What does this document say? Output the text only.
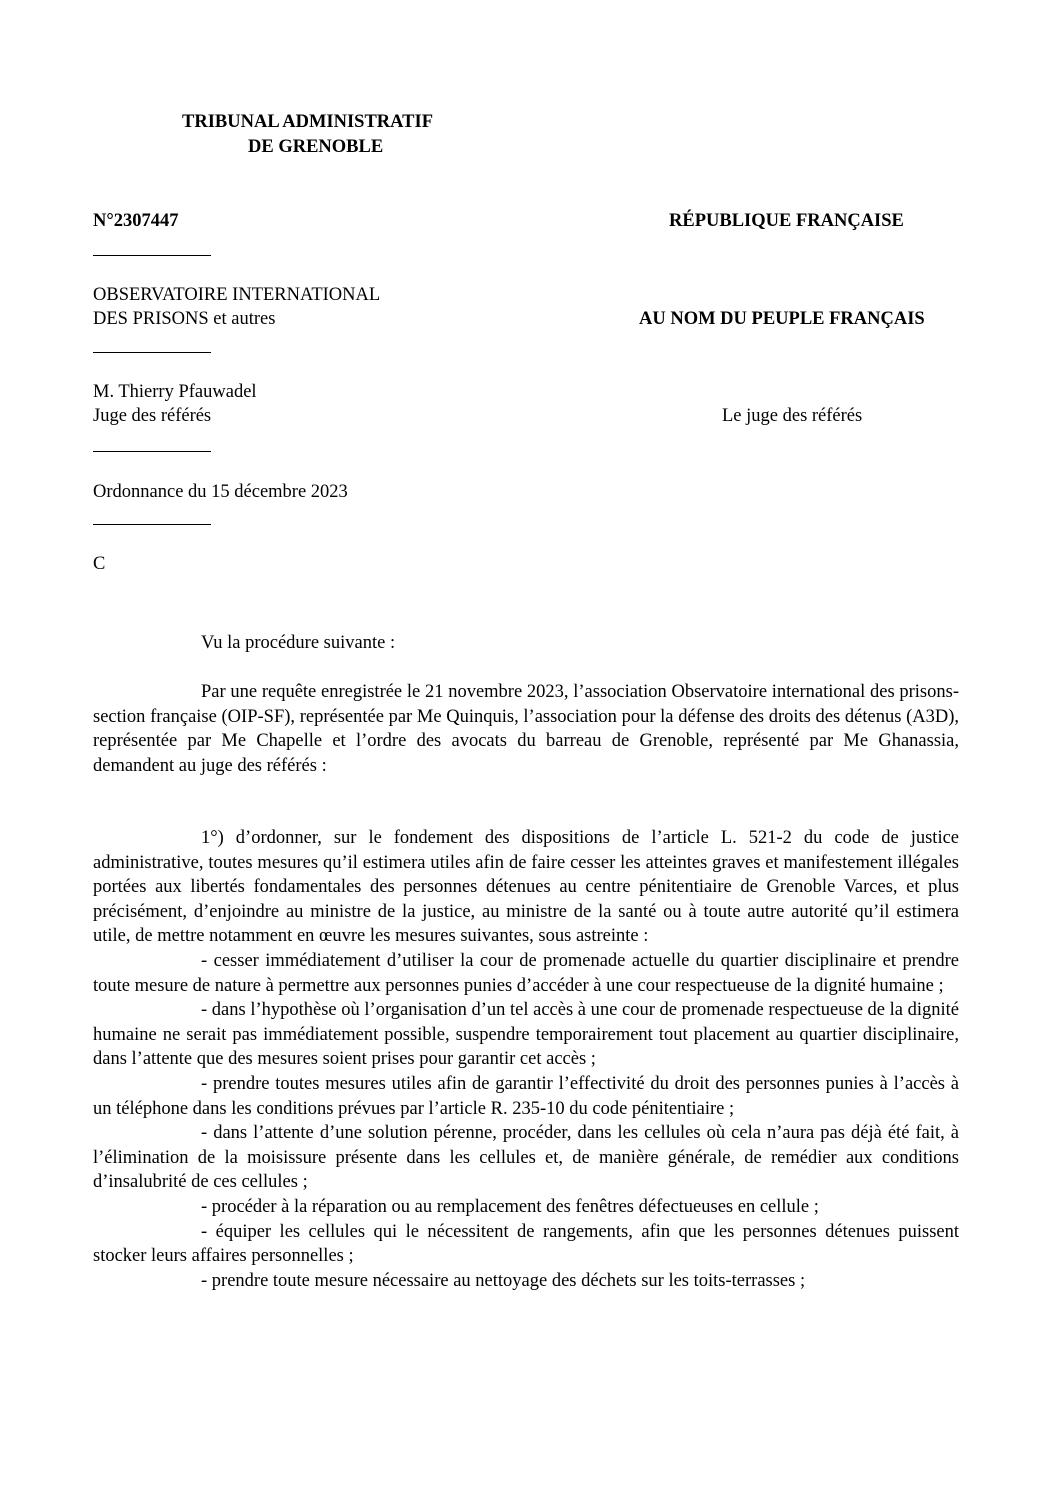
TRIBUNAL ADMINISTRATIF
DE GRENOBLE
N°2307447	RÉPUBLIQUE FRANÇAISE
OBSERVATOIRE INTERNATIONAL
DES PRISONS et autres	AU NOM DU PEUPLE FRANÇAIS
M. Thierry Pfauwadel
Juge des référés	Le juge des référés
Ordonnance du 15 décembre 2023
C
Vu la procédure suivante :

Par une requête enregistrée le 21 novembre 2023, l’association Observatoire international des prisons-section française (OIP-SF), représentée par Me Quinquis, l’association pour la défense des droits des détenus (A3D), représentée par Me Chapelle et l’ordre des avocats du barreau de Grenoble, représenté par Me Ghanassia, demandent au juge des référés :

1°) d’ordonner, sur le fondement des dispositions de l’article L. 521-2 du code de justice administrative, toutes mesures qu’il estimera utiles afin de faire cesser les atteintes graves et manifestement illégales portées aux libertés fondamentales des personnes détenues au centre pénitentiaire de Grenoble Varces, et plus précisément, d’enjoindre au ministre de la justice, au ministre de la santé ou à toute autre autorité qu’il estimera utile, de mettre notamment en œuvre les mesures suivantes, sous astreinte :

- cesser immédiatement d’utiliser la cour de promenade actuelle du quartier disciplinaire et prendre toute mesure de nature à permettre aux personnes punies d’accéder à une cour respectueuse de la dignité humaine ;

- dans l’hypothèse où l’organisation d’un tel accès à une cour de promenade respectueuse de la dignité humaine ne serait pas immédiatement possible, suspendre temporairement tout placement au quartier disciplinaire, dans l’attente que des mesures soient prises pour garantir cet accès ;

- prendre toutes mesures utiles afin de garantir l’effectivité du droit des personnes punies à l’accès à un téléphone dans les conditions prévues par l’article R. 235-10 du code pénitentiaire ;

- dans l’attente d’une solution pérenne, procéder, dans les cellules où cela n’aura pas déjà été fait, à l’élimination de la moisissure présente dans les cellules et, de manière générale, de remédier aux conditions d’insalubrité de ces cellules ;

- procéder à la réparation ou au remplacement des fenêtres défectueuses en cellule ;

- équiper les cellules qui le nécessitent de rangements, afin que les personnes détenues puissent stocker leurs affaires personnelles ;

- prendre toute mesure nécessaire au nettoyage des déchets sur les toits-terrasses ;
